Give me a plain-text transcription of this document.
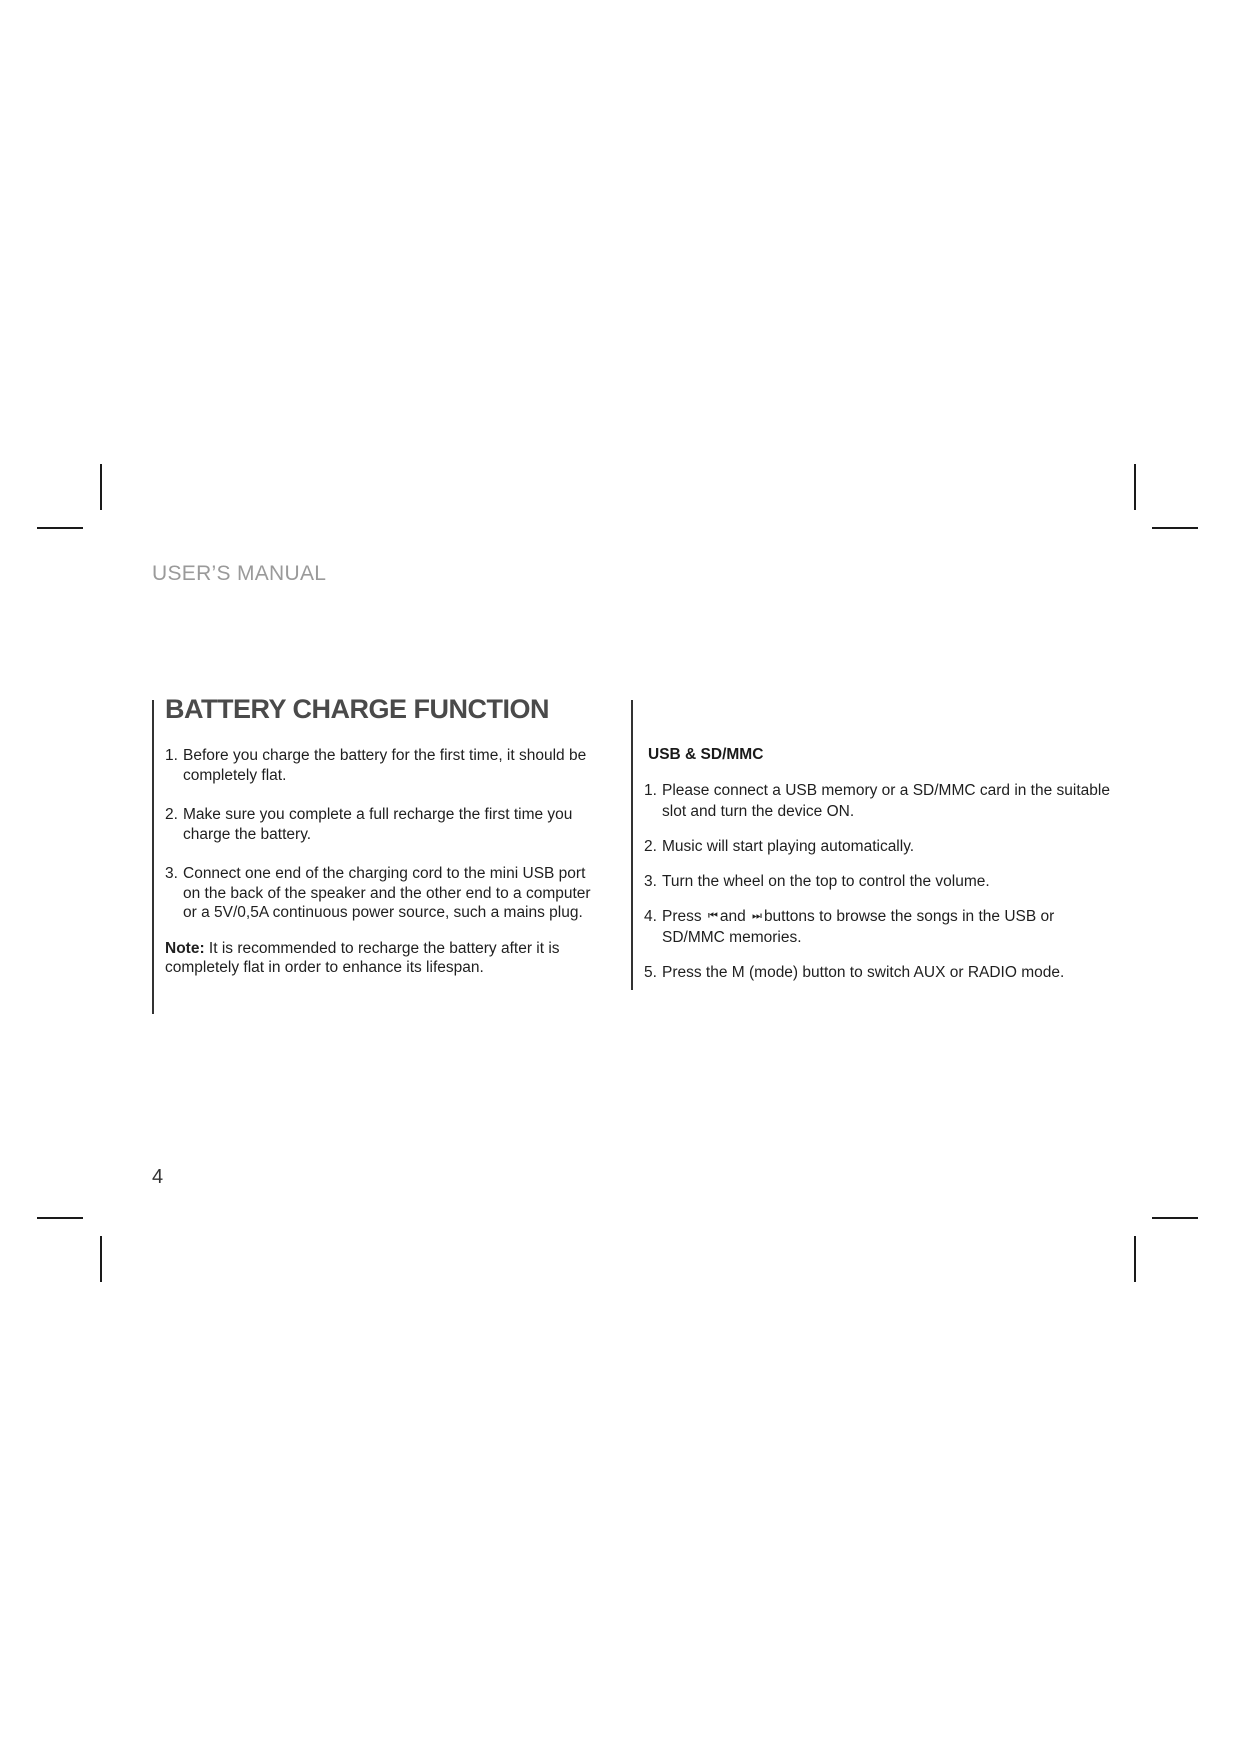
USER’S MANUAL
BATTERY CHARGE FUNCTION
1. Before you charge the battery for the first time, it should be completely flat.
2. Make sure you complete a full recharge the first time you charge the battery.
3. Connect one end of the charging cord to the mini USB port on the back of the speaker and the other end to a computer or a 5V/0,5A continuous power source, such a mains plug.
Note: It is recommended to recharge the battery after it is completely flat in order to enhance its lifespan.
USB & SD/MMC
1. Please connect a USB memory or a SD/MMC card in the suitable slot and turn the device ON.
2. Music will start playing automatically.
3. Turn the wheel on the top to control the volume.
4. Press ⏮ and ⏭ buttons to browse the songs in the USB or SD/MMC memories.
5. Press the M (mode) button to switch AUX or RADIO mode.
4
